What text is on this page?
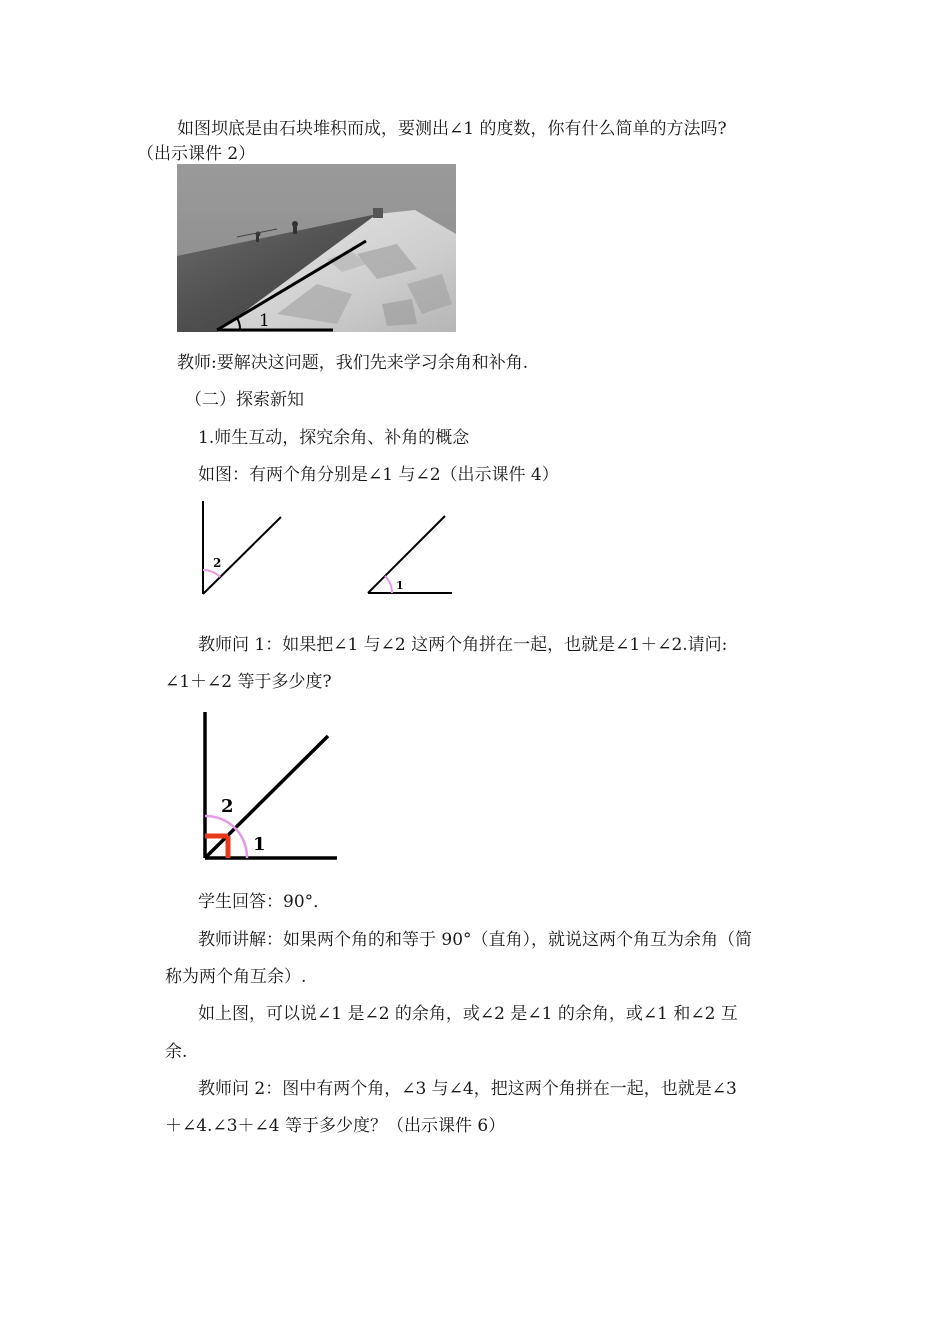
如图坝底是由石块堆积而成，要测出∠1 的度数，你有什么简单的方法吗?
（出示课件 2）
1
教师:要解决这问题，我们先来学习余角和补角.
（二）探索新知
1.师生互动，探究余角、补角的概念
如图：有两个角分别是∠1 与∠2（出示课件 4）
2
1
教师问 1：如果把∠1 与∠2 这两个角拼在一起，也就是∠1＋∠2.请问:
∠1＋∠2 等于多少度?
2
1
学生回答：90°．
教师讲解：如果两个角的和等于 90°（直角），就说这两个角互为余角（简
称为两个角互余）.
如上图，可以说∠1 是∠2 的余角，或∠2 是∠1 的余角，或∠1 和∠2 互
余.
教师问 2：图中有两个角，∠3 与∠4，把这两个角拼在一起，也就是∠3
＋∠4.∠3＋∠4 等于多少度？（出示课件 6）
